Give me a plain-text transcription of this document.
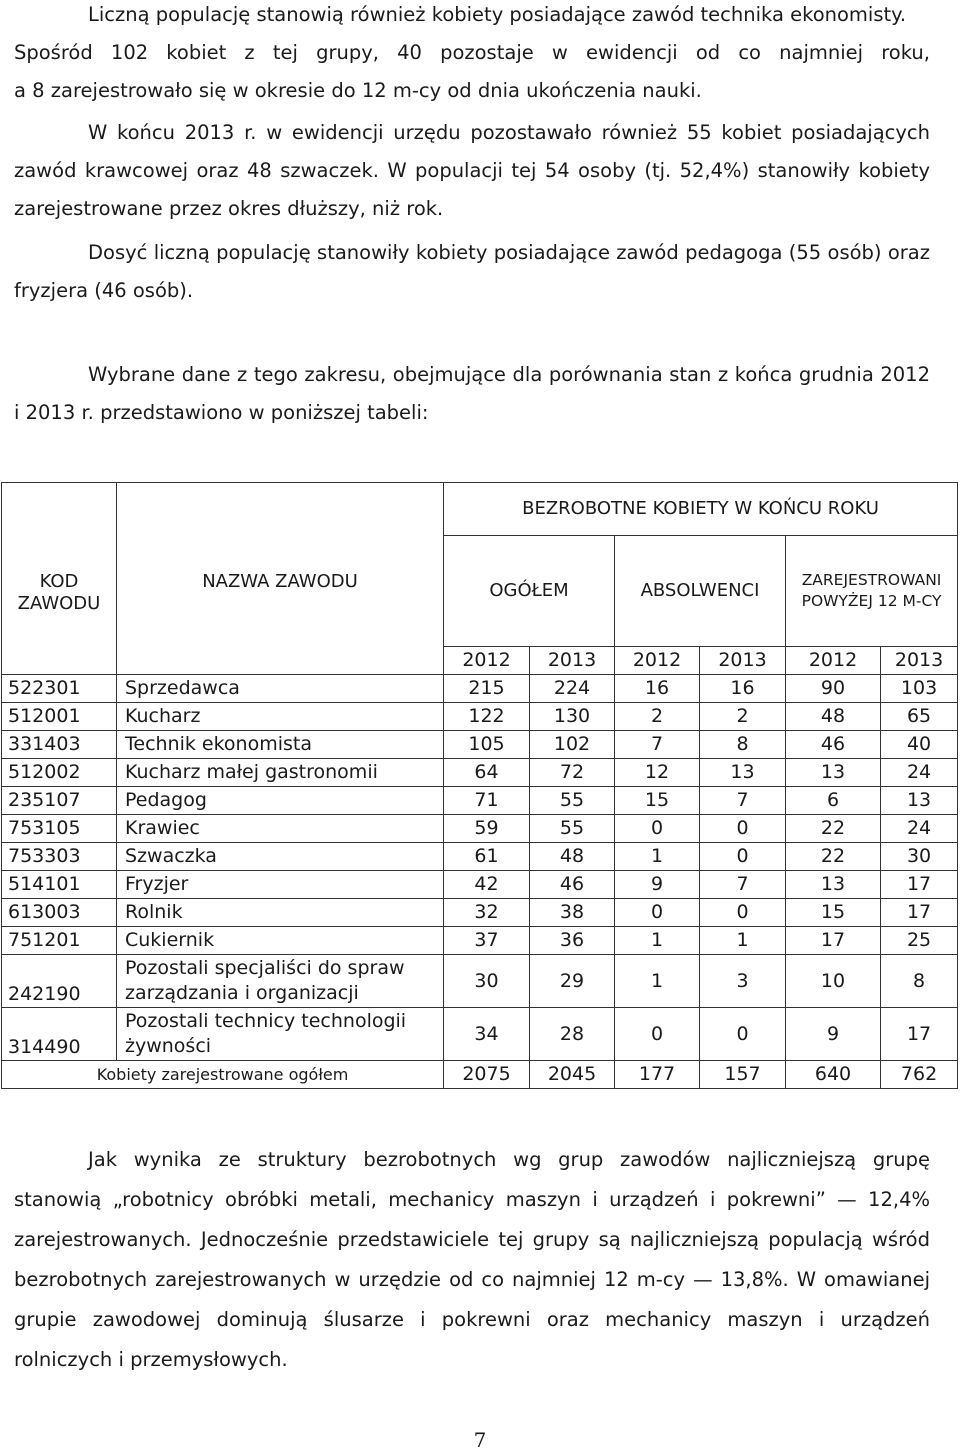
Liczną populację stanowią również kobiety posiadające zawód technika ekonomisty.
Spośród 102 kobiet z tej grupy, 40 pozostaje w ewidencji od co najmniej roku,
a 8 zarejestrowało się w okresie do 12 m-cy od dnia ukończenia nauki.
W końcu 2013 r. w ewidencji urzędu pozostawało również 55 kobiet posiadających
zawód krawcowej oraz 48 szwaczek. W populacji tej 54 osoby (tj. 52,4%) stanowiły kobiety
zarejestrowane przez okres dłuższy, niż rok.
Dosyć liczną populację stanowiły kobiety posiadające zawód pedagoga (55 osób) oraz
fryzjera (46 osób).
Wybrane dane z tego zakresu, obejmujące dla porównania stan z końca grudnia 2012
i 2013 r. przedstawiono w poniższej tabeli:
KOD ZAWODU	NAZWA ZAWODU	BEZROBOTNE KOBIETY W KOŃCU ROKU					
		OGÓŁEM		ABSOLWENCI		ZAREJESTROWANI POWYŻEJ 12 M-CY	
		2012	2013	2012	2013	2012	2013
522301	Sprzedawca	215	224	16	16	90	103
512001	Kucharz	122	130	2	2	48	65
331403	Technik ekonomista	105	102	7	8	46	40
512002	Kucharz małej gastronomii	64	72	12	13	13	24
235107	Pedagog	71	55	15	7	6	13
753105	Krawiec	59	55	0	0	22	24
753303	Szwaczka	61	48	1	0	22	30
514101	Fryzjer	42	46	9	7	13	17
613003	Rolnik	32	38	0	0	15	17
751201	Cukiernik	37	36	1	1	17	25
242190	Pozostali specjaliści do spraw zarządzania i organizacji	30	29	1	3	10	8
314490	Pozostali technicy technologii żywności	34	28	0	0	9	17
Kobiety zarejestrowane ogółem		2075	2045	177	157	640	762
Jak wynika ze struktury bezrobotnych wg grup zawodów najliczniejszą grupę
stanowią „robotnicy obróbki metali, mechanicy maszyn i urządzeń i pokrewni” — 12,4%
zarejestrowanych. Jednocześnie przedstawiciele tej grupy są najliczniejszą populacją wśród
bezrobotnych zarejestrowanych w urzędzie od co najmniej 12 m-cy — 13,8%. W omawianej
grupie zawodowej dominują ślusarze i pokrewni oraz mechanicy maszyn i urządzeń
rolniczych i przemysłowych.
7
